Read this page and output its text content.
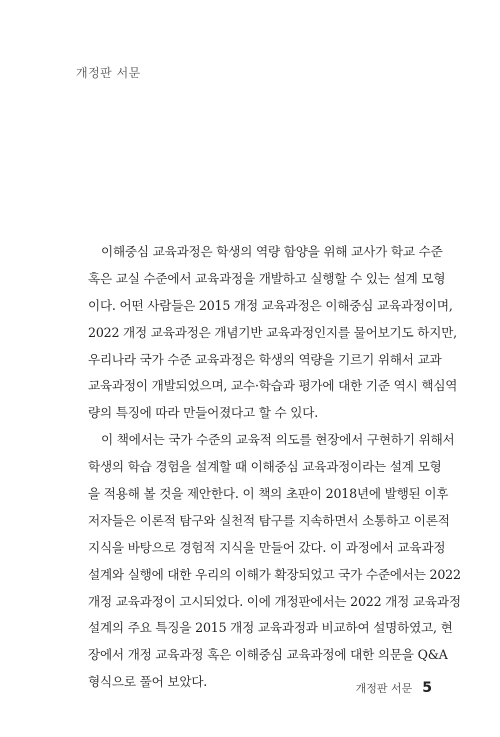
개정판 서문
이해중심 교육과정은 학생의 역량 함양을 위해 교사가 학교 수준
혹은 교실 수준에서 교육과정을 개발하고 실행할 수 있는 설계 모형
이다. 어떤 사람들은 2015 개정 교육과정은 이해중심 교육과정이며,
2022 개정 교육과정은 개념기반 교육과정인지를 물어보기도 하지만,
우리나라 국가 수준 교육과정은 학생의 역량을 기르기 위해서 교과
교육과정이 개발되었으며, 교수·학습과 평가에 대한 기준 역시 핵심역
량의 특징에 따라 만들어졌다고 할 수 있다.
이 책에서는 국가 수준의 교육적 의도를 현장에서 구현하기 위해서
학생의 학습 경험을 설계할 때 이해중심 교육과정이라는 설계 모형
을 적용해 볼 것을 제안한다. 이 책의 초판이 2018년에 발행된 이후
저자들은 이론적 탐구와 실천적 탐구를 지속하면서 소통하고 이론적
지식을 바탕으로 경험적 지식을 만들어 갔다. 이 과정에서 교육과정
설계와 실행에 대한 우리의 이해가 확장되었고 국가 수준에서는 2022
개정 교육과정이 고시되었다. 이에 개정판에서는 2022 개정 교육과정
설계의 주요 특징을 2015 개정 교육과정과 비교하여 설명하였고, 현
장에서 개정 교육과정 혹은 이해중심 교육과정에 대한 의문을 Q&A
형식으로 풀어 보았다.	개정판 서문 5
